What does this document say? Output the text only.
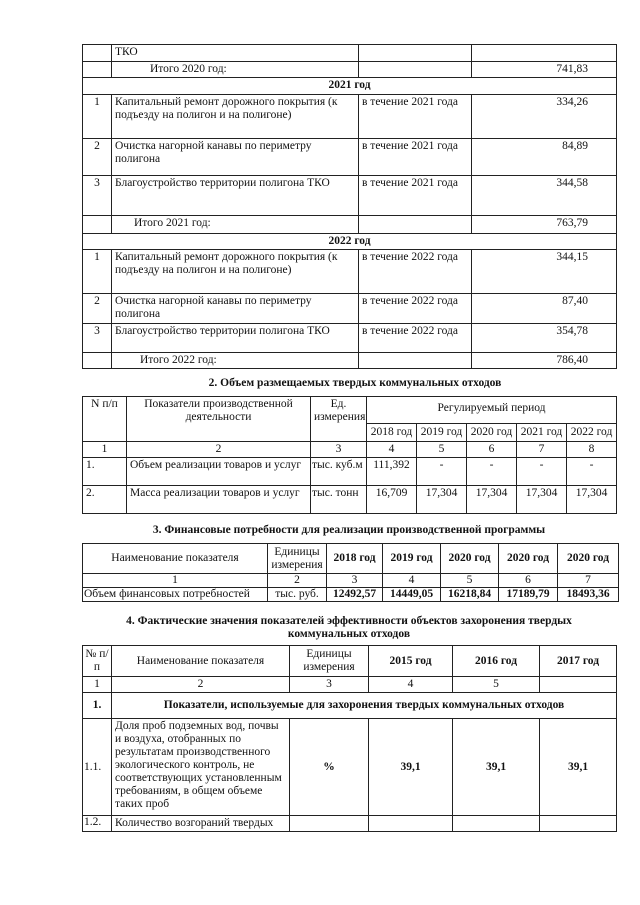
	ТКО		
	Итого 2020 год:		741,83
2021 год			
1	Капитальный ремонт дорожного покрытия (к подъезду на полигон и на полигоне)	в течение 2021 года	334,26
2	Очистка нагорной канавы по периметру полигона	в течение 2021 года	84,89
3	Благоустройство территории полигона ТКО	в течение 2021 года	344,58
	Итого 2021 год:		763,79
2022 год			
1	Капитальный ремонт дорожного покрытия (к подъезду на полигон и на полигоне)	в течение 2022 года	344,15
2	Очистка нагорной канавы по периметру полигона	в течение 2022 года	87,40
3	Благоустройство территории полигона ТКО	в течение 2022 года	354,78
	Итого 2022 год:		786,40
2. Объем размещаемых твердых коммунальных отходов
N п/п	Показатели производственной деятельности	Ед. измерения	Регулируемый период				
			2018 год	2019 год	2020 год	2021 год	2022 год
1	2	3	4	5	6	7	8
1.	Объем реализации товаров и услуг	тыс. куб.м	111,392	-	-	-	-
2.	Масса реализации товаров и услуг	тыс. тонн	16,709	17,304	17,304	17,304	17,304
3. Финансовые потребности для реализации производственной программы
Наименование показателя	Единицы измерения	2018 год	2019 год	2020 год	2020 год	2020 год
1	2	3	4	5	6	7
Объем финансовых потребностей	тыс. руб.	12492,57	14449,05	16218,84	17189,79	18493,36
4. Фактические значения показателей эффективности объектов захоронения твердых
коммунальных отходов
№ п/п	Наименование показателя	Единицы измерения	2015 год	2016 год	2017 год
1	2	3	4	5	
1.	Показатели, используемые для захоронения твердых коммунальных отходов				
1.1.	Доля проб подземных вод, почвы и воздуха, отобранных по результатам производственного экологического контроль, не соответствующих установленным требованиям, в общем объеме таких проб	%	39,1	39,1	39,1
1.2.	Количество возгораний твердых				
